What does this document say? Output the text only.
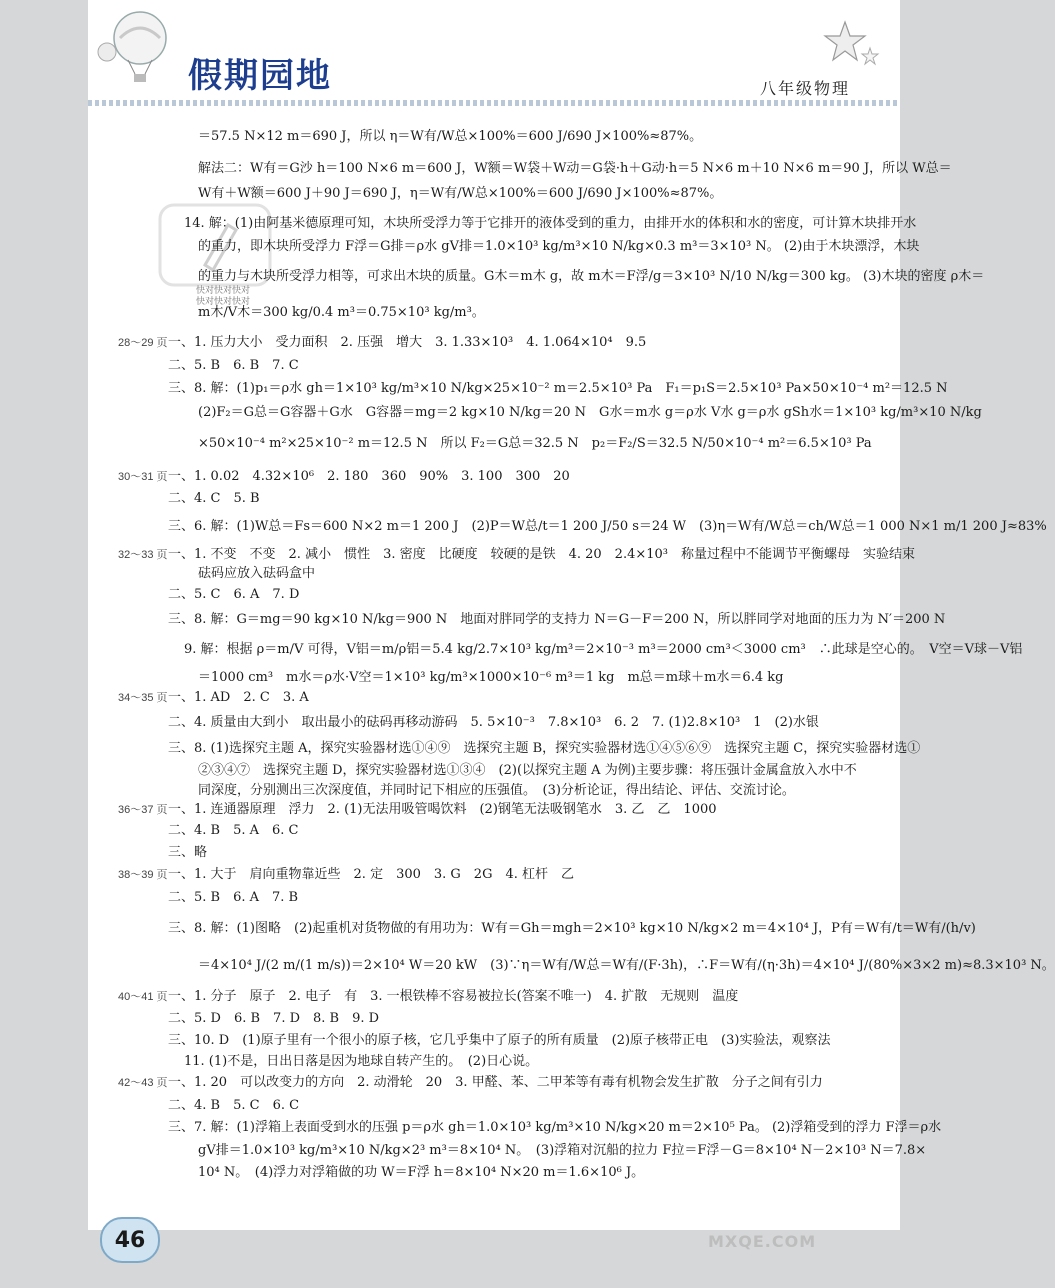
假期园地	八年级物理
快对快对快对
快对快对快对
28～29 页
30～31 页
32～33 页
34～35 页
36～37 页
38～39 页
40～41 页
42～43 页
＝57.5 N×12 m＝690 J，所以 η＝W有/W总×100%＝600 J/690 J×100%≈87%。
解法二：W有＝G沙 h＝100 N×6 m＝600 J，W额＝W袋＋W动＝G袋·h＋G动·h＝5 N×6 m＋10 N×6 m＝90 J，所以 W总＝
W有＋W额＝600 J＋90 J＝690 J，η＝W有/W总×100%＝600 J/690 J×100%≈87%。
14. 解：(1)由阿基米德原理可知，木块所受浮力等于它排开的液体受到的重力，由排开水的体积和水的密度，可计算木块排开水
的重力，即木块所受浮力 F浮＝G排＝ρ水 gV排＝1.0×10³ kg/m³×10 N/kg×0.3 m³＝3×10³ N。 (2)由于木块漂浮，木块
的重力与木块所受浮力相等，可求出木块的质量。G木＝m木 g，故 m木＝F浮/g＝3×10³ N/10 N/kg＝300 kg。 (3)木块的密度 ρ木＝
m木/V木＝300 kg/0.4 m³＝0.75×10³ kg/m³。
一、1. 压力大小　受力面积　2. 压强　增大　3. 1.33×10³　4. 1.064×10⁴　9.5
二、5. B　6. B　7. C
三、8. 解：(1)p₁＝ρ水 gh＝1×10³ kg/m³×10 N/kg×25×10⁻² m＝2.5×10³ Pa　F₁＝p₁S＝2.5×10³ Pa×50×10⁻⁴ m²＝12.5 N
(2)F₂＝G总＝G容器＋G水　G容器＝mg＝2 kg×10 N/kg＝20 N　G水＝m水 g＝ρ水 V水 g＝ρ水 gSh水＝1×10³ kg/m³×10 N/kg
×50×10⁻⁴ m²×25×10⁻² m＝12.5 N　所以 F₂＝G总＝32.5 N　p₂＝F₂/S＝32.5 N/50×10⁻⁴ m²＝6.5×10³ Pa
一、1. 0.02　4.32×10⁶　2. 180　360　90%　3. 100　300　20
二、4. C　5. B
三、6. 解：(1)W总＝Fs＝600 N×2 m＝1 200 J　(2)P＝W总/t＝1 200 J/50 s＝24 W　(3)η＝W有/W总＝ch/W总＝1 000 N×1 m/1 200 J≈83%
一、1. 不变　不变　2. 减小　惯性　3. 密度　比硬度　较硬的是铁　4. 20　2.4×10³　称量过程中不能调节平衡螺母　实验结束
砝码应放入砝码盒中
二、5. C　6. A　7. D
三、8. 解：G＝mg＝90 kg×10 N/kg＝900 N　地面对胖同学的支持力 N＝G－F＝200 N，所以胖同学对地面的压力为 N′＝200 N
9. 解：根据 ρ＝m/V 可得，V铝＝m/ρ铝＝5.4 kg/2.7×10³ kg/m³＝2×10⁻³ m³＝2000 cm³＜3000 cm³　∴此球是空心的。　V空＝V球－V铝
＝1000 cm³　m水＝ρ水·V空＝1×10³ kg/m³×1000×10⁻⁶ m³＝1 kg　m总＝m球＋m水＝6.4 kg
一、1. AD　2. C　3. A
二、4. 质量由大到小　取出最小的砝码再移动游码　5. 5×10⁻³　7.8×10³　6. 2　7. (1)2.8×10³　1　(2)水银
三、8. (1)选探究主题 A，探究实验器材选①④⑨　选探究主题 B，探究实验器材选①④⑤⑥⑨　选探究主题 C，探究实验器材选①
②③④⑦　选探究主题 D，探究实验器材选①③④　(2)(以探究主题 A 为例)主要步骤：将压强计金属盒放入水中不
同深度，分别测出三次深度值，并同时记下相应的压强值。　(3)分析论证，得出结论、评估、交流讨论。
一、1. 连通器原理　浮力　2. (1)无法用吸管喝饮料　(2)钢笔无法吸钢笔水　3. 乙　乙　1000
二、4. B　5. A　6. C
三、略
一、1. 大于　肩向重物靠近些　2. 定　300　3. G　2G　4. 杠杆　乙
二、5. B　6. A　7. B
三、8. 解：(1)图略　(2)起重机对货物做的有用功为：W有＝Gh＝mgh＝2×10³ kg×10 N/kg×2 m＝4×10⁴ J，P有＝W有/t＝W有/(h/v)
＝4×10⁴ J/(2 m/(1 m/s))＝2×10⁴ W＝20 kW　(3)∵η＝W有/W总＝W有/(F·3h)，∴F＝W有/(η·3h)＝4×10⁴ J/(80%×3×2 m)≈8.3×10³ N。
一、1. 分子　原子　2. 电子　有　3. 一根铁棒不容易被拉长(答案不唯一)　4. 扩散　无规则　温度
二、5. D　6. B　7. D　8. B　9. D
三、10. D　(1)原子里有一个很小的原子核，它几乎集中了原子的所有质量　(2)原子核带正电　(3)实验法，观察法
11. (1)不是，日出日落是因为地球自转产生的。　(2)日心说。
一、1. 20　可以改变力的方向　2. 动滑轮　20　3. 甲醛、苯、二甲苯等有毒有机物会发生扩散　分子之间有引力
二、4. B　5. C　6. C
三、7. 解：(1)浮箱上表面受到水的压强 p＝ρ水 gh＝1.0×10³ kg/m³×10 N/kg×20 m＝2×10⁵ Pa。 (2)浮箱受到的浮力 F浮＝ρ水
gV排＝1.0×10³ kg/m³×10 N/kg×2³ m³＝8×10⁴ N。　(3)浮箱对沉船的拉力 F拉＝F浮－G＝8×10⁴ N－2×10³ N＝7.8×
10⁴ N。　(4)浮力对浮箱做的功 W＝F浮 h＝8×10⁴ N×20 m＝1.6×10⁶ J。
46	MXQE.COM
